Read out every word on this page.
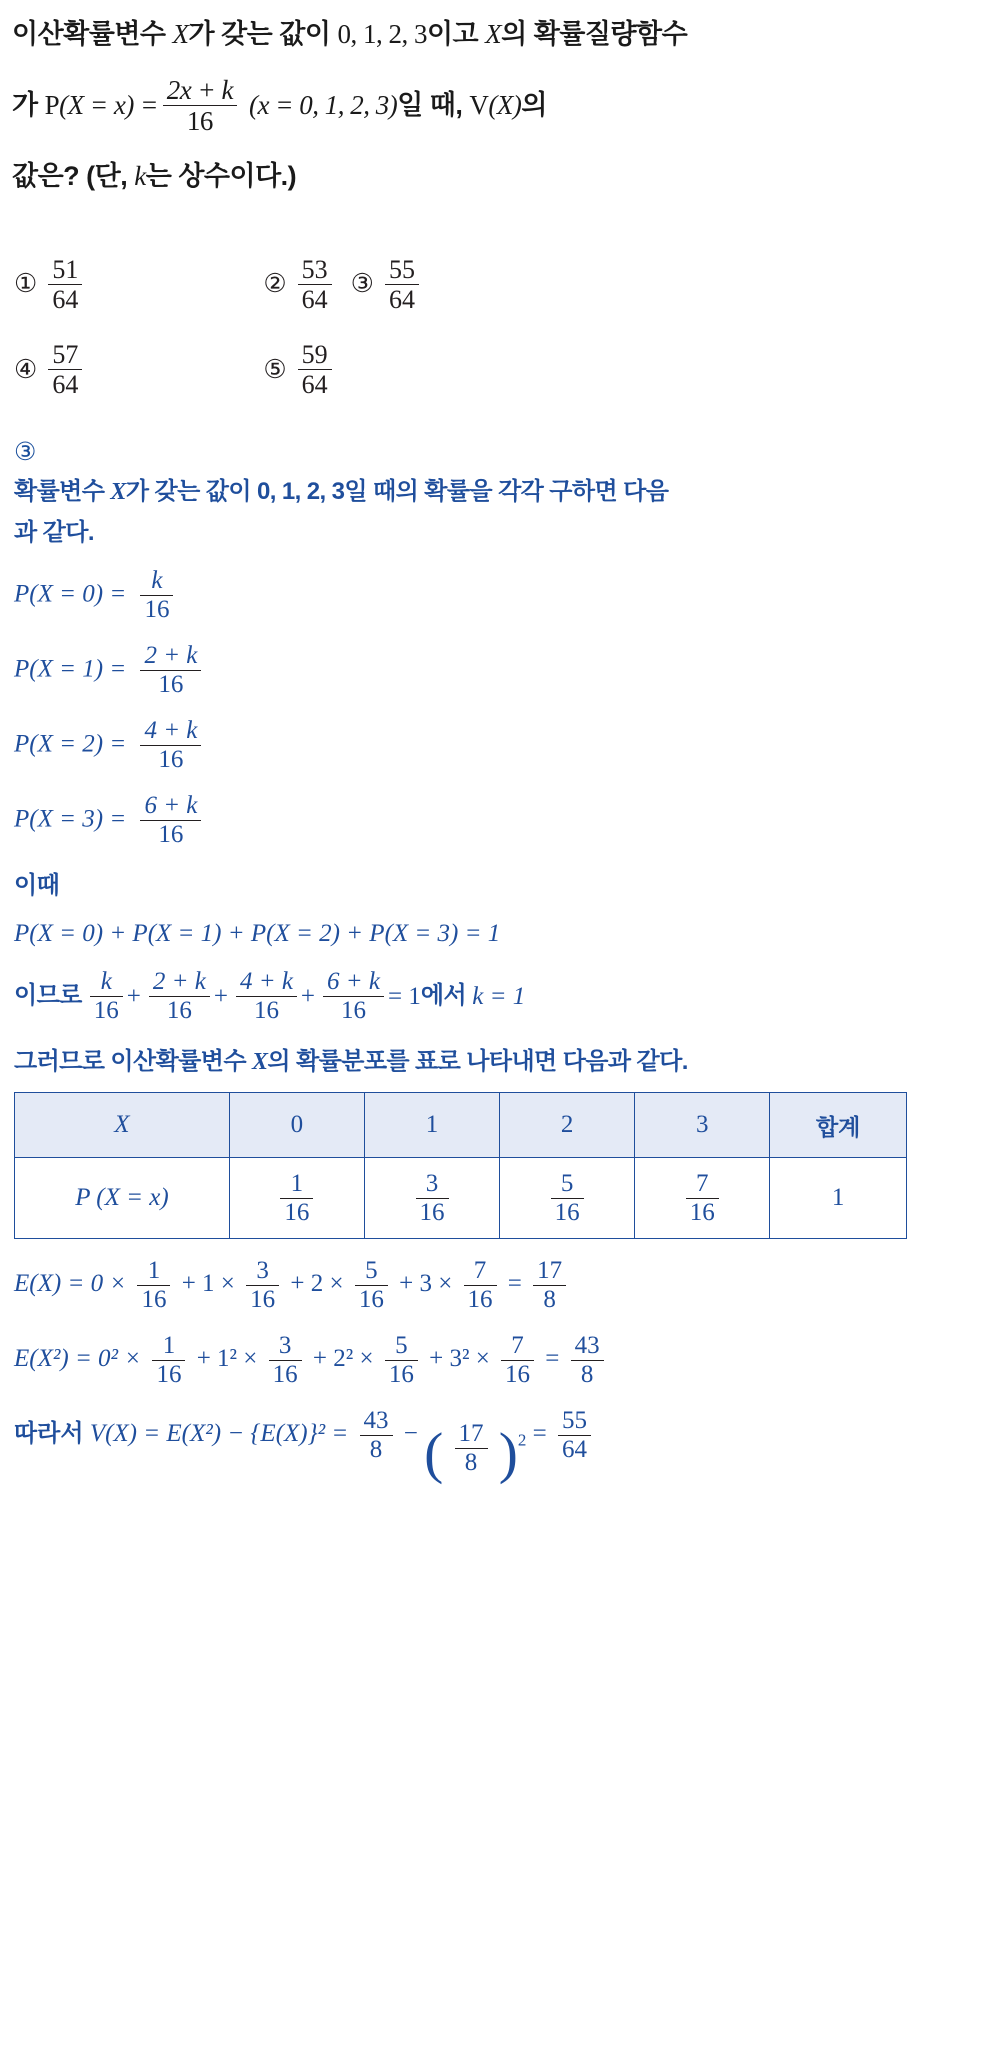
이산확률변수 X가 갖는 값이 0, 1, 2, 3이고 X의 확률질량함수
가
P $(X = x) = \frac{2x + k}{16}$
(x = 0, 1, 2, 3) 일 때,
V (X) 의
값은? (단, k는 상수이다.)
① $\frac{51}{64}$	② $\frac{53}{64}$ ③ $\frac{55}{64}$
④ $\frac{57}{64}$	⑤ $\frac{59}{64}$
③
확률변수 X가 갖는 값이 0, 1, 2, 3일 때의 확률을 각각 구하면 다음
과 같다.
$P(X = 0) = \frac{k}{16}$
$P(X = 1) = \frac{2 + k}{16}$
$P(X = 2) = \frac{4 + k}{16}$
$P(X = 3) = \frac{6 + k}{16}$
이때
P(X = 0) + P(X = 1) + P(X = 2) + P(X = 3) = 1
이므로 $\frac{k}{16} + \frac{2 + k}{16} + \frac{4 + k}{16} + \frac{6 + k}{16} = 1$ 에서
k = 1
그러므로 이산확률변수 X의 확률분포를 표로 나타내면 다음과 같다.
X	0	1	2	3	합계
P (X = x)	$\frac{1}{16}$	$\frac{3}{16}$	$\frac{5}{16}$	$\frac{7}{16}$	1
$E(X) = 0 \times \frac{1}{16} + 1 \times \frac{3}{16} + 2 \times \frac{5}{16} + 3 \times \frac{7}{16} = \frac{17}{8}$
$E(X^2) = 0^2 \times \frac{1}{16} + 1^2 \times \frac{3}{16} + 2^2 \times \frac{5}{16} + 3^2 \times \frac{7}{16} = \frac{43}{8}$
따라서 $V(X) = E(X^2) - \{E(X)\}^2 = \frac{43}{8}$ − ( $\frac{17}{8} )^2 = \frac{55}{64}$
